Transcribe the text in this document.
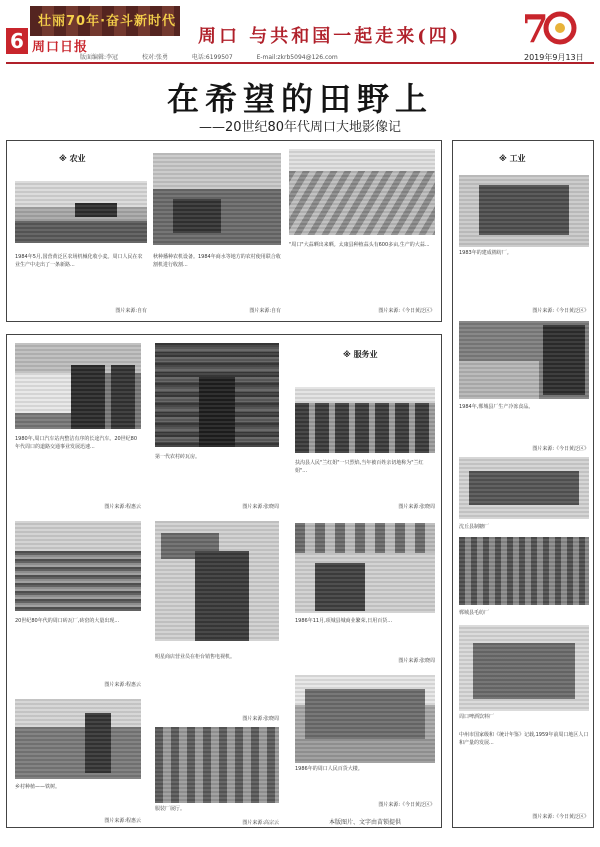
壮丽70年·奋斗新时代
6 周口日报
周口 与共和国一起走来(四)
版面编辑:李冠	校对:张勇	电话:6199507	E-mail:zkrb5094@126.com	2019年9月13日
7
在希望的田野上
——20世纪80年代周口大地影像记
※ 农业
1984年5月,国营黄泛区农场机械化收小麦。周口人民在农业生产中走出了一条新路...
图片来源:自有
秋种播种农机设备。1984年商水等地方的农村使用联合收割机进行收割...
图片来源:自有
"周口"大蒜晒出来晒。太康县种植蒜头有600多亩,生产的大蒜...
图片来源:《今日黄泛区》
1980年,周口汽车站内整洁有序的长途汽车。20世纪80年代周口的道路交通事业发展迅速...
图片来源:程惠云
20世纪80年代的周口砖瓦厂,砖窑的大量出现...
图片来源:程惠云
乡村种植——铁树。
图片来源:程惠云
第一代农村砖瓦房。
图片来源:张晓周
明星商店营业员在柜台销售电视机。
图片来源:张晓周
服装厂展厅。
图片来源:高宗云
※ 服务业
扶沟县人民"兰红姐"一只烈焰,当年被百姓亲切地称为"兰红姐"...
图片来源:张晓周
1986年11月,项城县城商业繁荣,日用百货...
图片来源:张晓周
1986年的周口人民百货大楼。
图片来源:《今日黄泛区》
本版图片、文字由苗锁提供
※ 工业
1983年的建成棉纺厂。
图片来源:《今日黄泛区》
1984年,郸城县厂生产冷冻食品。
图片来源:《今日黄泛区》
沈丘县制糖厂
郸城县毛纺厂
周口啤酒饮料厂
中州市国家级和《统计年鉴》记载,1959年前周口地区人口和产量的发展...
图片来源:《今日黄泛区》
